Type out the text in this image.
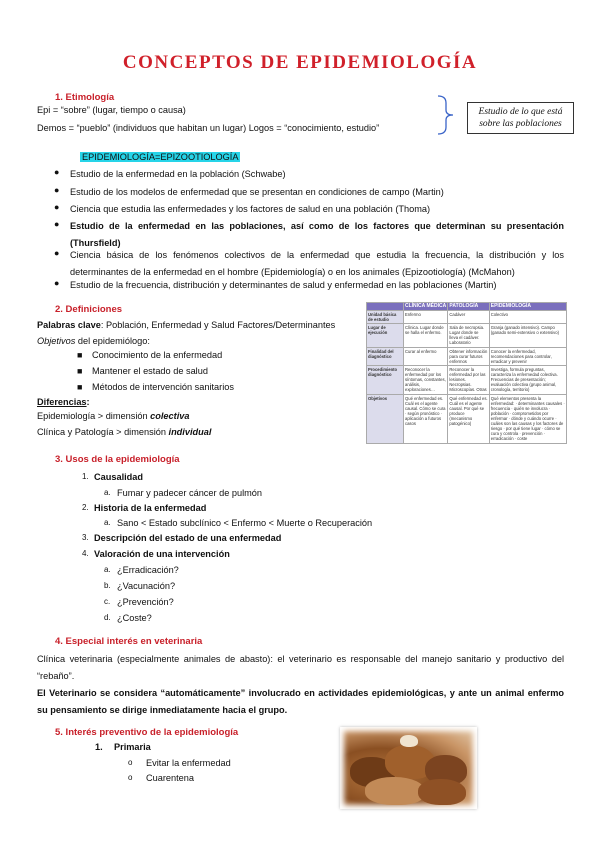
CONCEPTOS DE EPIDEMIOLOGÍA
1. Etimología
Epi = “sobre” (lugar, tiempo o causa)
Demos = “pueblo” (individuos que habitan un lugar) Logos = “conocimiento, estudio”
Estudio de lo que está sobre las poblaciones
EPIDEMIOLOGÍA=EPIZOOTIOLOGÍA
● Estudio de la enfermedad en la población (Schwabe)
● Estudio de los modelos de enfermedad que se presentan en condiciones de campo (Martin)
● Ciencia que estudia las enfermedades y los factores de salud en una población (Thoma)
● Estudio de la enfermedad en las poblaciones, así como de los factores que determinan su presentación (Thursfield)
● Ciencia básica de los fenómenos colectivos de la enfermedad que estudia la frecuencia, la distribución y los determinantes de la enfermedad en el hombre (Epidemiología) o en los animales (Epizootiología) (McMahon)
● Estudio de la frecuencia, distribución y determinantes de salud y enfermedad en las poblaciones (Martin)
2. Definiciones
Palabras clave: Población, Enfermedad y Salud Factores/Determinantes
Objetivos del epidemiólogo:
■ Conocimiento de la enfermedad
■ Mantener el estado de salud
■ Métodos de intervención sanitarios
Diferencias:
Epidemiología > dimensión colectiva
Clínica y Patología > dimensión individual
	CLÍNICA MÉDICA	PATOLOGÍA	EPIDEMIOLOGÍA
Unidad básica de estudio	Enfermo	Cadáver	Colectivo
Lugar de ejecución	Clínica. Lugar donde se halla el enfermo.	Sala de necropsia. Lugar donde se lleva el cadáver. Laboratorio	Granja (ganado intensivo). Campo (ganado semi-extensivo o extensivo)
Finalidad del diagnóstico	Curar al enfermo	Obtener información para curar futuros enfermos	Conocer la enfermedad, recomendaciones para controlar, erradicar y prevenir
Procedimiento diagnóstico	Reconocer la enfermedad por los síntomas, constantes, análisis, exploraciones…	Reconocer la enfermedad por las lesiones. Necropsias. Microscopías. Otras	Investiga, formula preguntas, caracteriza la enfermedad colectiva. Frecuencias de presentación; evaluación colectiva (grupo animal, cronología, territorio)
Objetivos	Qué enfermedad es. Cuál es el agente causal. Cómo se cura · según pronóstico · aplicación a futuros casos	Qué enfermedad es. Cuál es el agente causal. Por qué se produce (mecanismo patogénico)	Qué elementos presenta la enfermedad: · determinantes causales · frecuencia · quién se involucra · población · comprometidos por enfermar · dónde y cuándo ocurre · cuáles son las causas y los factores de riesgo · por qué tiene lugar · cómo se cura y controla · prevención · erradicación · coste
3. Usos de la epidemiología
1. Causalidad
a. Fumar y padecer cáncer de pulmón
2. Historia de la enfermedad
a. Sano < Estado subclínico < Enfermo < Muerte o Recuperación
3. Descripción del estado de una enfermedad
4. Valoración de una intervención
a. ¿Erradicación?
b. ¿Vacunación?
c. ¿Prevención?
d. ¿Coste?
4. Especial interés en veterinaria
Clínica veterinaria (especialmente animales de abasto): el veterinario es responsable del manejo sanitario y productivo del “rebaño”.
El Veterinario se considera “automáticamente” involucrado en actividades epidemiológicas, y ante un animal enfermo su pensamiento se dirige inmediatamente hacia el grupo.
5. Interés preventivo de la epidemiología
1. Primaria
o Evitar la enfermedad
o Cuarentena
